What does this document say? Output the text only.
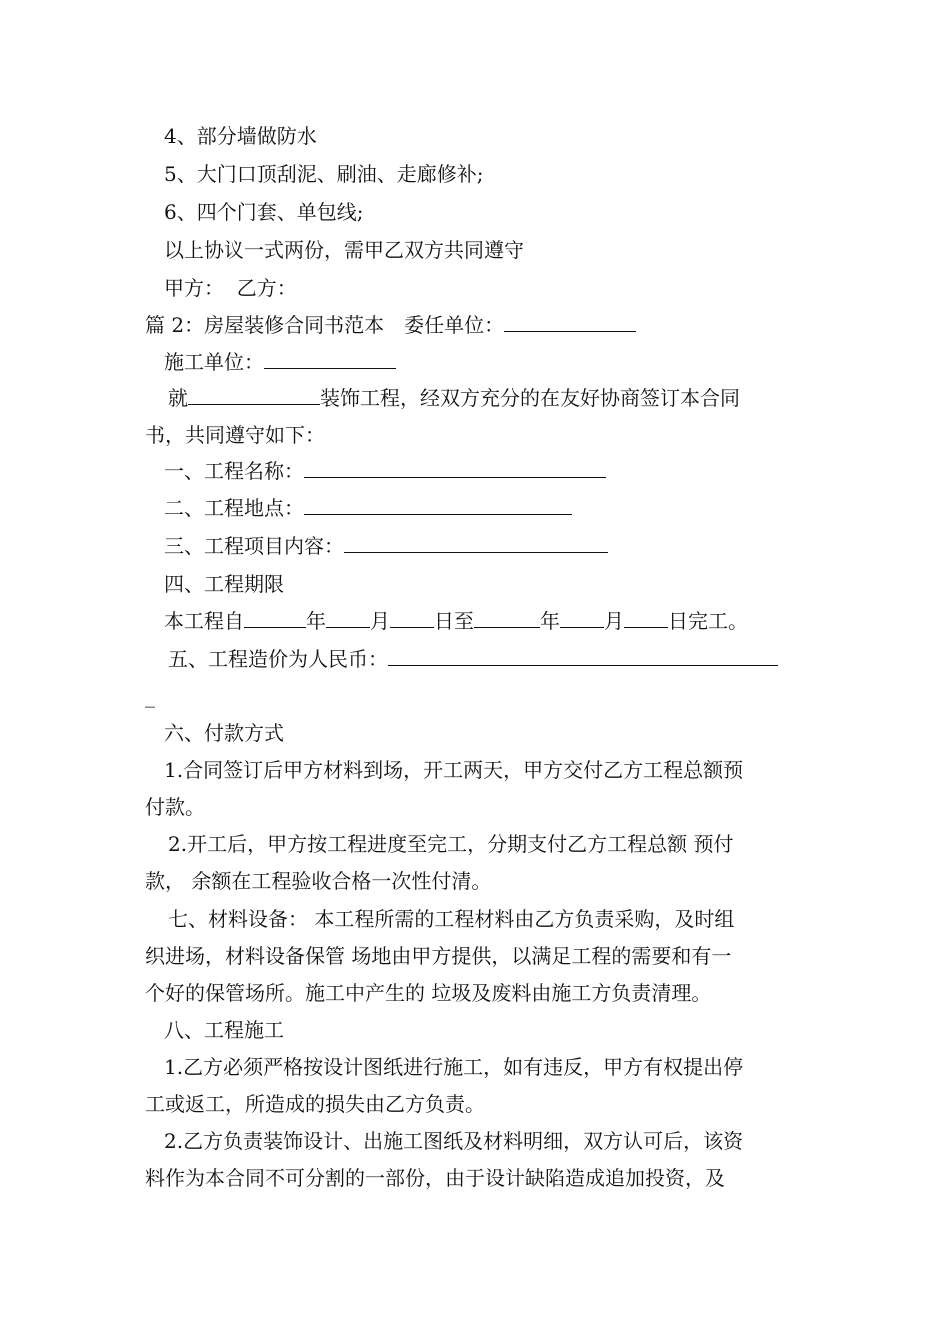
4、部分墙做防水
5、大门口顶刮泥、刷油、走廊修补;
6、四个门套、单包线;
以上协议一式两份，需甲乙双方共同遵守
甲方：  乙方：
篇 2：房屋装修合同书范本 委任单位：
施工单位：
就	装饰工程，经双方充分的在友好协商签订本合同
书，共同遵守如下：
一、工程名称：
二、工程地点：
三、工程项目内容：
四、工程期限
本工程自	年 月 日至	年 月 日完工。
五、工程造价为人民币：
_
六、付款方式
1.合同签订后甲方材料到场，开工两天，甲方交付乙方工程总额预
付款。
2.开工后，甲方按工程进度至完工，分期支付乙方工程总额 预付
款， 余额在工程验收合格一次性付清。
七、材料设备： 本工程所需的工程材料由乙方负责采购，及时组
织进场，材料设备保管 场地由甲方提供，以满足工程的需要和有一
个好的保管场所。施工中产生的 垃圾及废料由施工方负责清理。
八、工程施工
1.乙方必须严格按设计图纸进行施工，如有违反，甲方有权提出停
工或返工，所造成的损失由乙方负责。
2.乙方负责装饰设计、出施工图纸及材料明细，双方认可后，该资
料作为本合同不可分割的一部份，由于设计缺陷造成追加投资，及
